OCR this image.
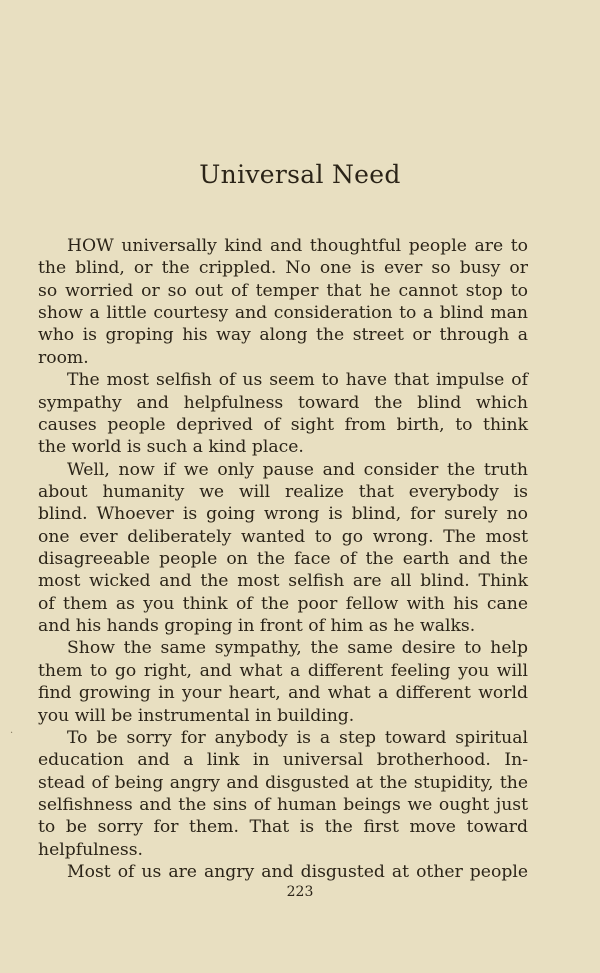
Universal Need
HOW universally kind and thoughtful people are to
the blind, or the crippled. No one is ever so busy or
so worried or so out of temper that he cannot stop to
show a little courtesy and consideration to a blind man
who is groping his way along the street or through a
room.
The most selfish of us seem to have that impulse of
sympathy and helpfulness toward the blind which
causes people deprived of sight from birth, to think
the world is such a kind place.
Well, now if we only pause and consider the truth
about humanity we will realize that everybody is
blind. Whoever is going wrong is blind, for surely no
one ever deliberately wanted to go wrong. The most
disagreeable people on the face of the earth and the
most wicked and the most selfish are all blind. Think
of them as you think of the poor fellow with his cane
and his hands groping in front of him as he walks.
Show the same sympathy, the same desire to help
them to go right, and what a different feeling you will
find growing in your heart, and what a different world
you will be instrumental in building.
To be sorry for anybody is a step toward spiritual
education and a link in universal brotherhood. In-
stead of being angry and disgusted at the stupidity, the
selfishness and the sins of human beings we ought just
to be sorry for them. That is the first move toward
helpfulness.
Most of us are angry and disgusted at other people
·
223
